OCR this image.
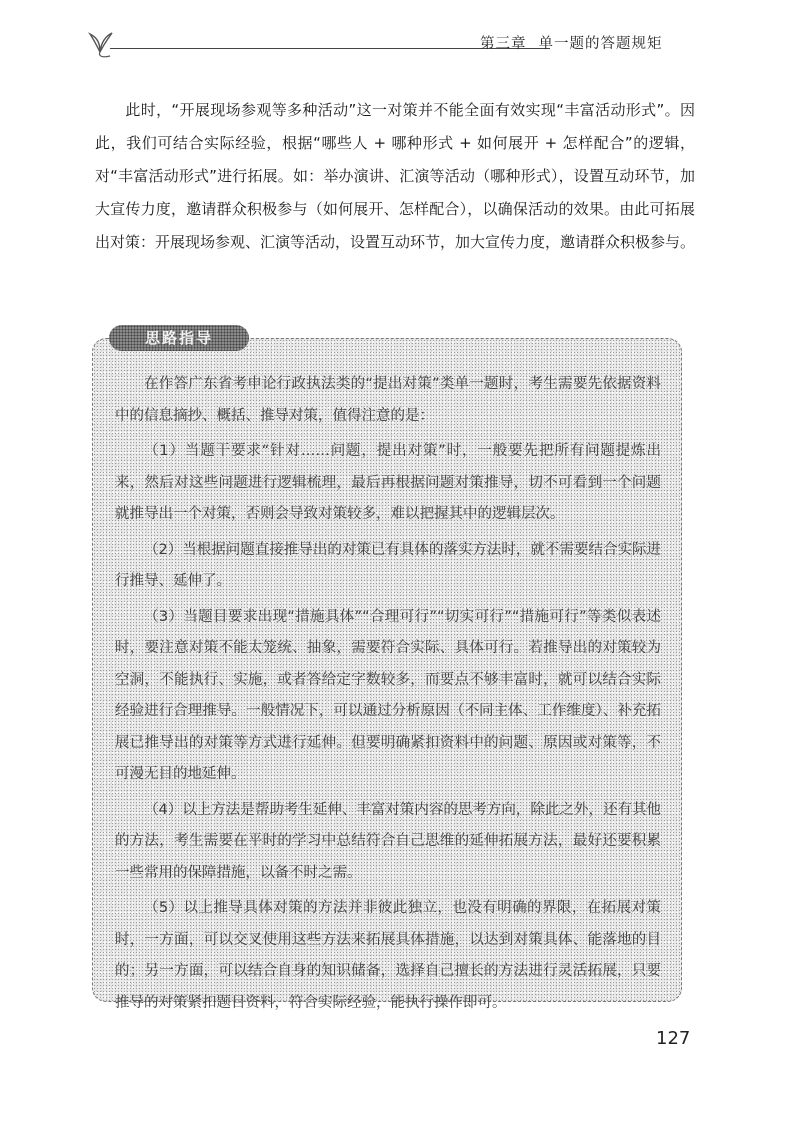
第三章 单一题的答题规矩

此时，“开展现场参观等多种活动”这一对策并不能全面有效实现“丰富活动形式”。因此，我们可结合实际经验，根据“哪些人 + 哪种形式 + 如何展开 + 怎样配合”的逻辑，对“丰富活动形式”进行拓展。如：举办演讲、汇演等活动（哪种形式），设置互动环节，加大宣传力度，邀请群众积极参与（如何展开、怎样配合），以确保活动的效果。由此可拓展出对策：开展现场参观、汇演等活动，设置互动环节，加大宣传力度，邀请群众积极参与。

思路指导

在作答广东省考申论行政执法类的“提出对策”类单一题时，考生需要先依据资料中的信息摘抄、概括、推导对策，值得注意的是：

（1）当题干要求“针对……问题，提出对策”时，一般要先把所有问题提炼出来，然后对这些问题进行逻辑梳理，最后再根据问题对策推导，切不可看到一个问题就推导出一个对策，否则会导致对策较多，难以把握其中的逻辑层次。

（2）当根据问题直接推导出的对策已有具体的落实方法时，就不需要结合实际进行推导、延伸了。

（3）当题目要求出现“措施具体”“合理可行”“切实可行”“措施可行”等类似表述时，要注意对策不能太笼统、抽象，需要符合实际、具体可行。若推导出的对策较为空洞，不能执行、实施，或者答给定字数较多，而要点不够丰富时，就可以结合实际经验进行合理推导。一般情况下，可以通过分析原因（不同主体、工作维度）、补充拓展已推导出的对策等方式进行延伸。但要明确紧扣资料中的问题、原因或对策等，不可漫无目的地延伸。

（4）以上方法是帮助考生延伸、丰富对策内容的思考方向，除此之外，还有其他的方法，考生需要在平时的学习中总结符合自己思维的延伸拓展方法，最好还要积累一些常用的保障措施，以备不时之需。

（5）以上推导具体对策的方法并非彼此独立，也没有明确的界限，在拓展对策时，一方面，可以交叉使用这些方法来拓展具体措施，以达到对策具体、能落地的目的；另一方面，可以结合自身的知识储备，选择自己擅长的方法进行灵活拓展，只要推导的对策紧扣题目资料，符合实际经验，能执行操作即可。

127
